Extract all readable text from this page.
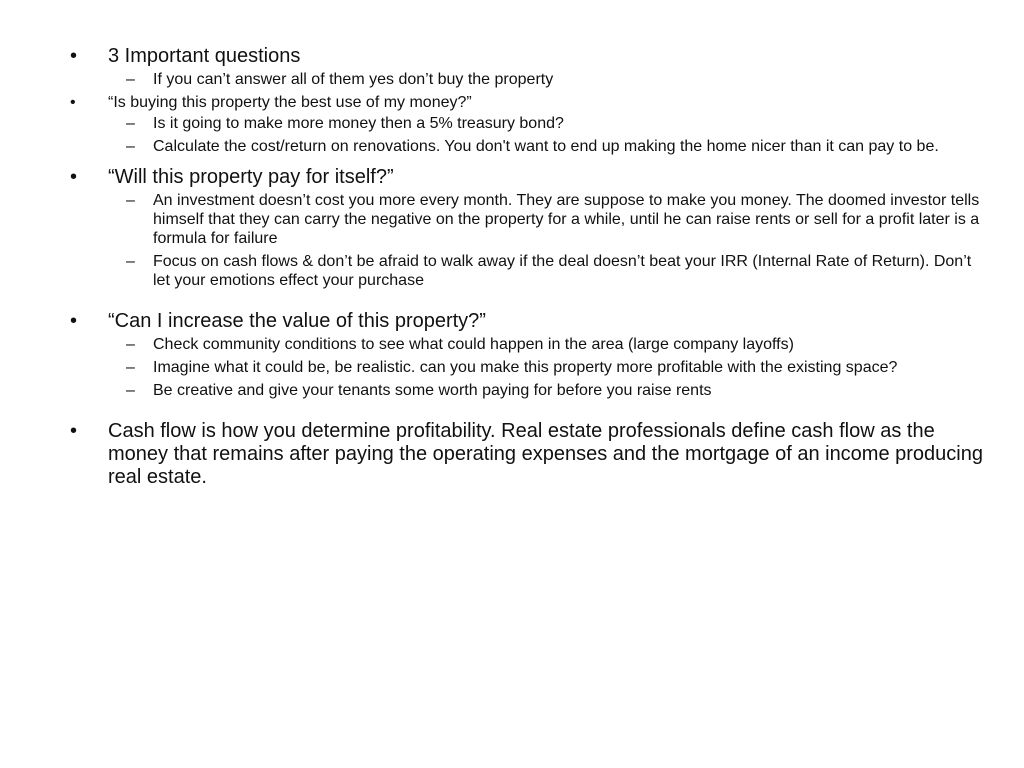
• 3 Important questions
– If you can’t answer all of them yes don’t buy the property
• “Is buying this property the best use of my money?”
– Is it going to make more money then a 5% treasury bond?
– Calculate the cost/return on renovations. You don't want to end up making the home nicer than it can pay to be.
• “Will this property pay for itself?”
– An investment doesn’t cost you more every month. They are suppose to make you money. The doomed investor tells himself that they can carry the negative on the property for a while, until he can raise rents or sell for a profit later is a formula for failure
– Focus on cash flows & don’t be afraid to walk away if the deal doesn’t beat your IRR (Internal Rate of Return). Don’t let your emotions effect your purchase
• “Can I increase the value of this property?”
– Check community conditions to see what could happen in the area (large company layoffs)
– Imagine what it could be, be realistic. can you make this property more profitable with the existing space?
– Be creative and give your tenants some worth paying for before you raise rents
• Cash flow is how you determine profitability. Real estate professionals define cash flow as the money that remains after paying the operating expenses and the mortgage of an income producing real estate.
